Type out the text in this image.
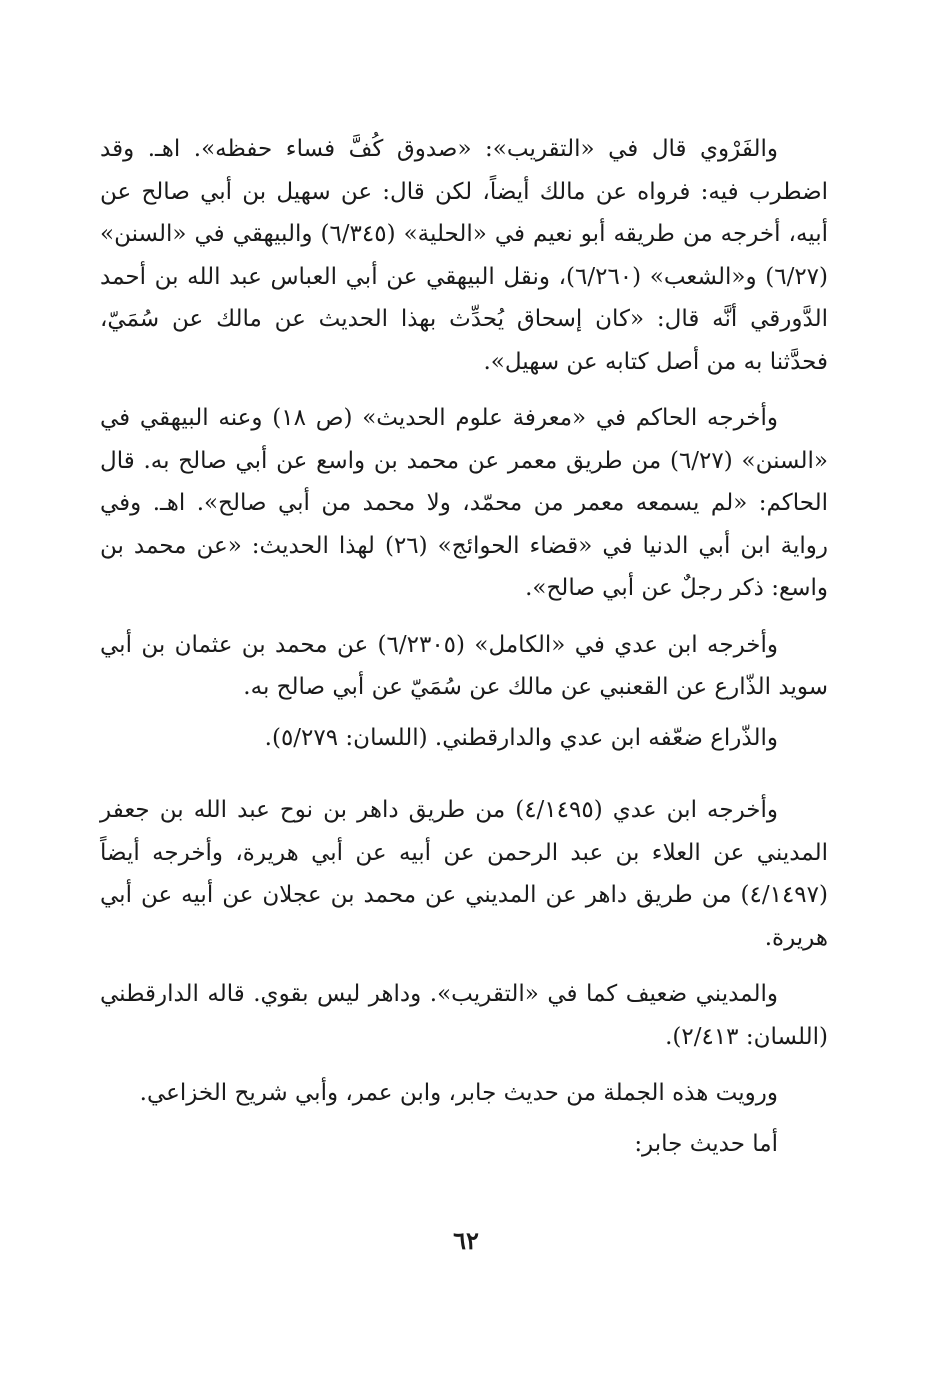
والفَرْوي قال في «التقريب»: «صدوق كُفَّ فساء حفظه». اهـ. وقد اضطرب فيه: فرواه عن مالك أيضاً، لكن قال: عن سهيل بن أبي صالح عن أبيه، أخرجه من طريقه أبو نعيم في «الحلية» (٦/٣٤٥) والبيهقي في «السنن» (٦/٢٧) و«الشعب» (٦/٢٦٠)، ونقل البيهقي عن أبي العباس عبد الله بن أحمد الدَّورقي أنَّه قال: «كان إسحاق يُحدِّث بهذا الحديث عن مالك عن سُمَيّ، فحدَّثنا به من أصل كتابه عن سهيل».

وأخرجه الحاكم في «معرفة علوم الحديث» (ص ١٨) وعنه البيهقي في «السنن» (٦/٢٧) من طريق معمر عن محمد بن واسع عن أبي صالح به. قال الحاكم: «لم يسمعه معمر من محمّد، ولا محمد من أبي صالح». اهـ. وفي رواية ابن أبي الدنيا في «قضاء الحوائج» (٢٦) لهذا الحديث: «عن محمد بن واسع: ذكر رجلٌ عن أبي صالح».

وأخرجه ابن عدي في «الكامل» (٦/٢٣٠٥) عن محمد بن عثمان بن أبي سويد الذّارع عن القعنبي عن مالك عن سُمَيّ عن أبي صالح به.

والذّراع ضعّفه ابن عدي والدارقطني. (اللسان: ٥/٢٧٩).

وأخرجه ابن عدي (٤/١٤٩٥) من طريق داهر بن نوح عبد الله بن جعفر المديني عن العلاء بن عبد الرحمن عن أبيه عن أبي هريرة، وأخرجه أيضاً (٤/١٤٩٧) من طريق داهر عن المديني عن محمد بن عجلان عن أبيه عن أبي هريرة.

والمديني ضعيف كما في «التقريب». وداهر ليس بقوي. قاله الدارقطني (اللسان: ٢/٤١٣).

ورويت هذه الجملة من حديث جابر، وابن عمر، وأبي شريح الخزاعي.

أما حديث جابر:

٦٢
